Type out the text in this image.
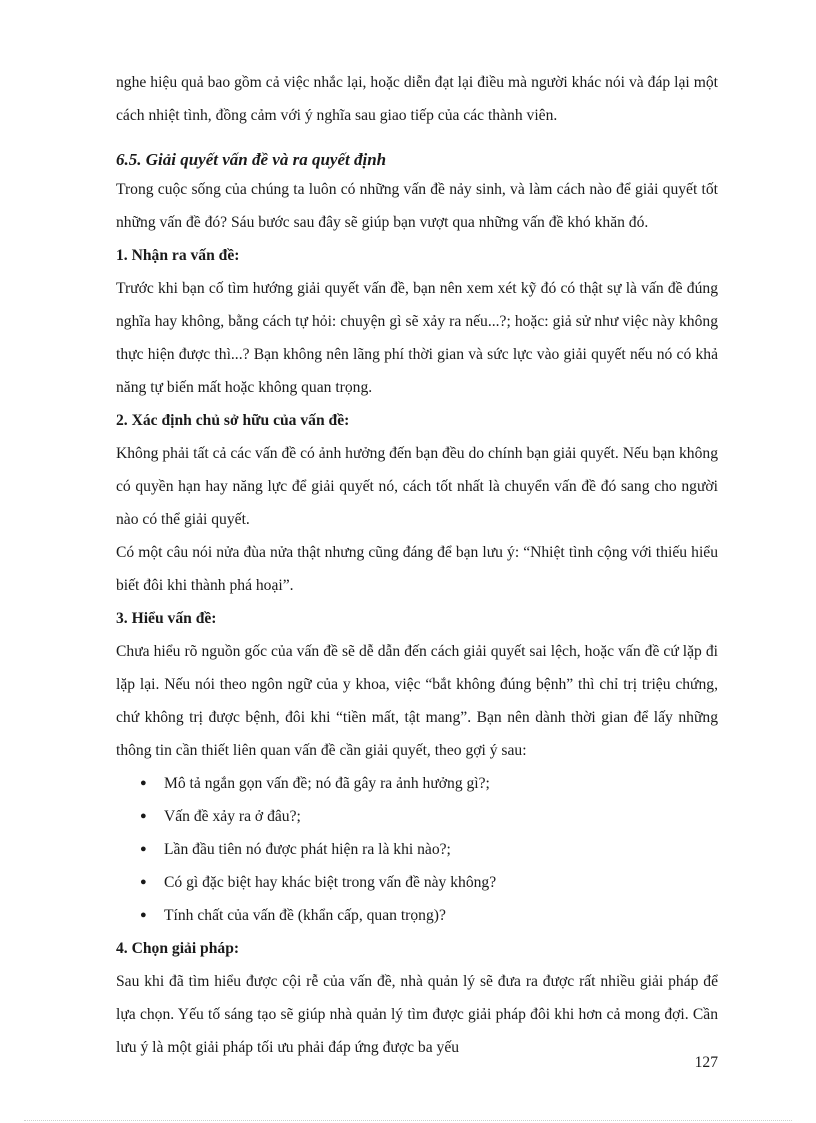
nghe hiệu quả bao gồm cả việc nhắc lại, hoặc diễn đạt lại điều mà người khác nói và đáp lại một cách nhiệt tình, đồng cảm với ý nghĩa sau giao tiếp của các thành viên.

6.5. Giải quyết vấn đề và ra quyết định

Trong cuộc sống của chúng ta luôn có những vấn đề nảy sinh, và làm cách nào để giải quyết tốt những vấn đề đó? Sáu bước sau đây sẽ giúp bạn vượt qua những vấn đề khó khăn đó.

1. Nhận ra vấn đề:

Trước khi bạn cố tìm hướng giải quyết vấn đề, bạn nên xem xét kỹ đó có thật sự là vấn đề đúng nghĩa hay không, bằng cách tự hỏi: chuyện gì sẽ xảy ra nếu...?; hoặc: giả sử như việc này không thực hiện được thì...? Bạn không nên lãng phí thời gian và sức lực vào giải quyết nếu nó có khả năng tự biến mất hoặc không quan trọng.

2. Xác định chủ sở hữu của vấn đề:

Không phải tất cả các vấn đề có ảnh hưởng đến bạn đều do chính bạn giải quyết. Nếu bạn không có quyền hạn hay năng lực để giải quyết nó, cách tốt nhất là chuyển vấn đề đó sang cho người nào có thể giải quyết.

Có một câu nói nửa đùa nửa thật nhưng cũng đáng để bạn lưu ý: “Nhiệt tình cộng với thiếu hiểu biết đôi khi thành phá hoại”.

3. Hiểu vấn đề:

Chưa hiểu rõ nguồn gốc của vấn đề sẽ dễ dẫn đến cách giải quyết sai lệch, hoặc vấn đề cứ lặp đi lặp lại. Nếu nói theo ngôn ngữ của y khoa, việc “bắt không đúng bệnh” thì chỉ trị triệu chứng, chứ không trị được bệnh, đôi khi “tiền mất, tật mang”. Bạn nên dành thời gian để lấy những thông tin cần thiết liên quan vấn đề cần giải quyết, theo gợi ý sau:

● Mô tả ngắn gọn vấn đề; nó đã gây ra ảnh hưởng gì?;
● Vấn đề xảy ra ở đâu?;
● Lần đầu tiên nó được phát hiện ra là khi nào?;
● Có gì đặc biệt hay khác biệt trong vấn đề này không?
● Tính chất của vấn đề (khẩn cấp, quan trọng)?
4. Chọn giải pháp:

Sau khi đã tìm hiểu được cội rễ của vấn đề, nhà quản lý sẽ đưa ra được rất nhiều giải pháp để lựa chọn. Yếu tố sáng tạo sẽ giúp nhà quản lý tìm được giải pháp đôi khi hơn cả mong đợi. Cần lưu ý là một giải pháp tối ưu phải đáp ứng được ba yếu

127
